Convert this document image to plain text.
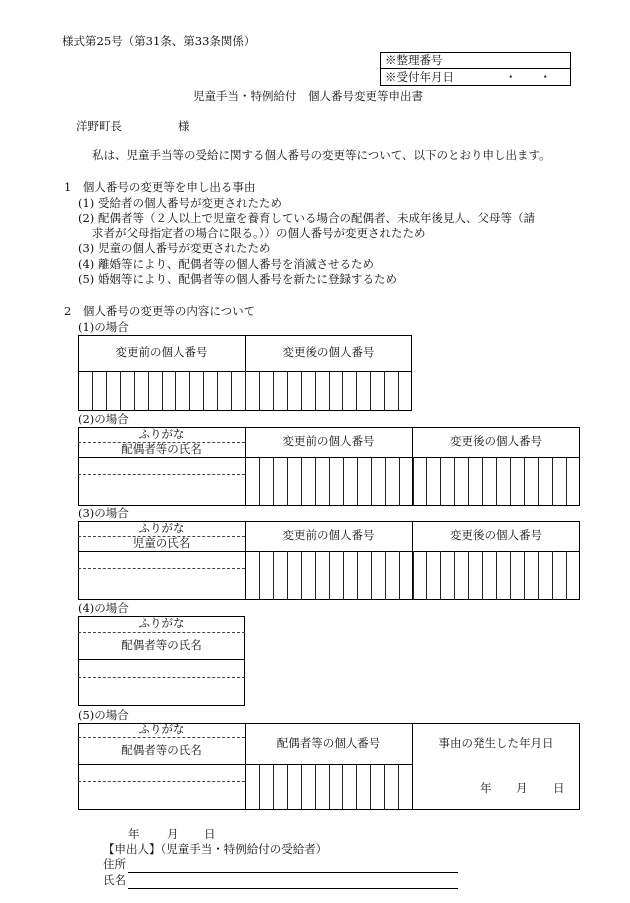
様式第25号（第31条、第33条関係）
※整理番号
※受付年月日	・　　・
児童手当・特例給付　個人番号変更等申出書
洋野町長	様
私は、児童手当等の受給に関する個人番号の変更等について、以下のとおり申し出ます。
1　個人番号の変更等を申し出る事由
(1) 受給者の個人番号が変更されたため
(2) 配偶者等（２人以上で児童を養育している場合の配偶者、未成年後見人、父母等（請
求者が父母指定者の場合に限る。））の個人番号が変更されたため
(3) 児童の個人番号が変更されたため
(4) 離婚等により、配偶者等の個人番号を消滅させるため
(5) 婚姻等により、配偶者等の個人番号を新たに登録するため
2　個人番号の変更等の内容について
(1)の場合
変更前の個人番号	変更後の個人番号
(2)の場合
ふりがな
配偶者等の氏名
変更前の個人番号	変更後の個人番号
(3)の場合
ふりがな
児童の氏名
変更前の個人番号	変更後の個人番号
(4)の場合
ふりがな
配偶者等の氏名
(5)の場合
ふりがな
配偶者等の氏名	配偶者等の個人番号	事由の発生した年月日
年 月 日
年 月 日
【申出人】（児童手当・特例給付の受給者）
住所
氏名
